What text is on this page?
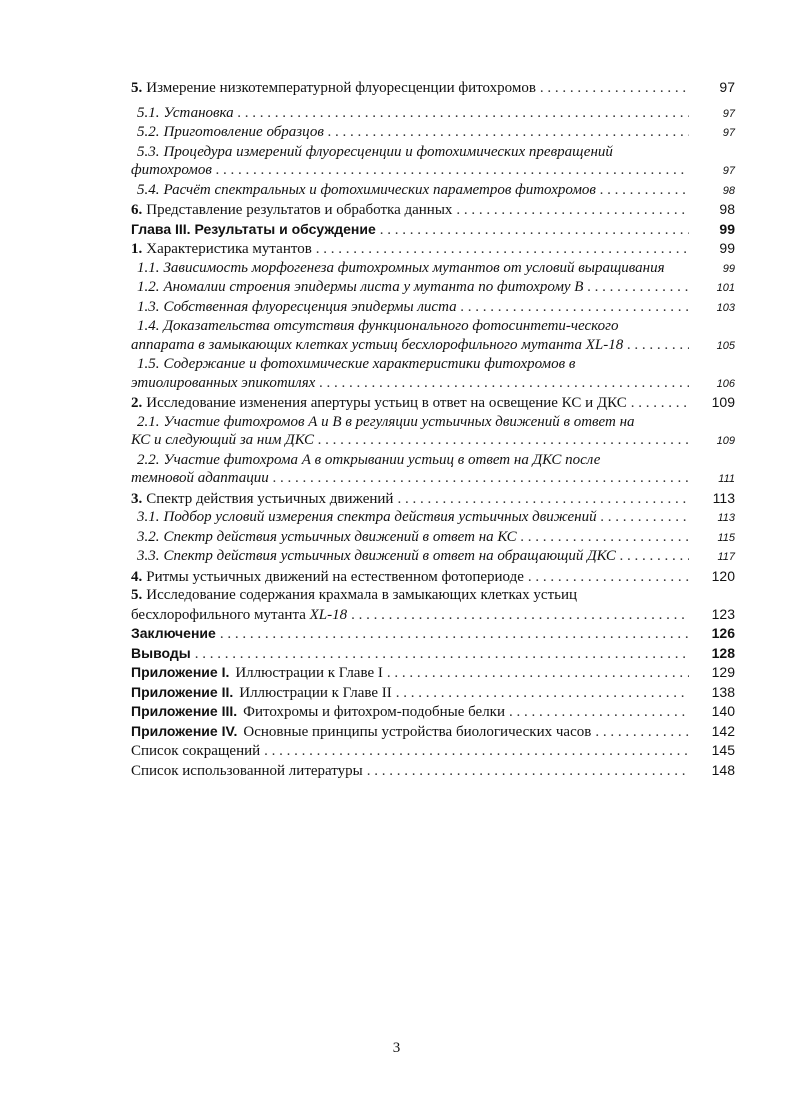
5. Измерение низкотемпературной флуоресценции фитохромов . . .	97
5.1. Установка . . .	97
5.2. Приготовление образцов . . .	97
5.3. Процедура измерений флуоресценции и фотохимических превращений
фитохромов . . .	97
5.4. Расчёт спектральных и фотохимических параметров фитохромов . . .	98
6. Представление результатов и обработка данных . . .	98
Глава III. Результаты и обсуждение . . .	99
1. Характеристика мутантов . . .	99
1.1. Зависимость морфогенеза фитохромных мутантов от условий выращивания	99
1.2. Аномалии строения эпидермы листа у мутанта по фитохрому В . . .	101
1.3. Собственная флуоресценция эпидермы листа . . .	103
1.4. Доказательства отсутствия функционального фотосинтети-ческого
аппарата в замыкающих клетках устьиц бесхлорофильного мутанта XL-18 . . .	105
1.5. Содержание и фотохимические характеристики фитохромов в
этиолированных эпикотилях . . .	106
2. Исследование изменения апертуры устьиц в ответ на освещение КС и ДКС . . .	109
2.1. Участие фитохромов А и В в регуляции устьичных движений в ответ на
КС и следующий за ним ДКС . . .	109
2.2. Участие фитохрома А в открывании устьиц в ответ на ДКС после
темновой адаптации . . .	111
3. Спектр действия устьичных движений . . .	113
3.1. Подбор условий измерения спектра действия устьичных движений . . .	113
3.2. Спектр действия устьичных движений в ответ на КС . . .	115
3.3. Спектр действия устьичных движений в ответ на обращающий ДКС . . .	117
4. Ритмы устьичных движений на естественном фотопериоде . . .	120
5. Исследование содержания крахмала в замыкающих клетках устьиц
бесхлорофильного мутанта XL-18 . . .	123
Заключение . . .	126
Выводы . . .	128
Приложение I. Иллюстрации к Главе I . . .	129
Приложение II. Иллюстрации к Главе II . . .	138
Приложение III. Фитохромы и фитохром-подобные белки . . .	140
Приложение IV. Основные принципы устройства биологических часов . . .	142
Список сокращений . . .	145
Список использованной литературы . . .	148
3
